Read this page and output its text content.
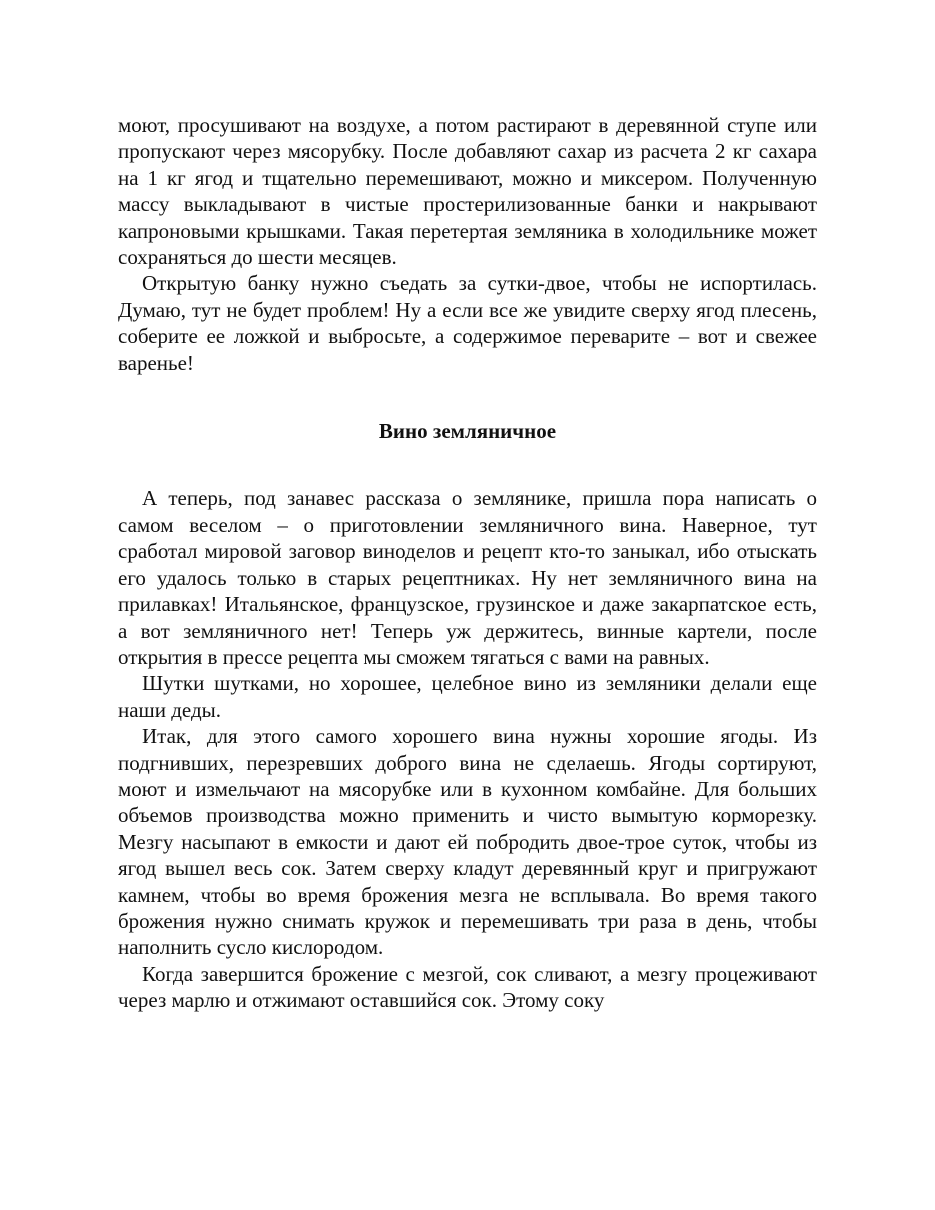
моют, просушивают на воздухе, а потом растирают в деревянной ступе или пропускают через мясорубку. После добавляют сахар из расчета 2 кг сахара на 1 кг ягод и тщательно перемешивают, можно и миксером. Полученную массу выкладывают в чистые простерилизованные банки и накрывают капроновыми крышками. Такая перетертая земляника в холодильнике может сохраняться до шести месяцев.

Открытую банку нужно съедать за сутки-двое, чтобы не испортилась. Думаю, тут не будет проблем! Ну а если все же увидите сверху ягод плесень, соберите ее ложкой и выбросьте, а содержимое переварите – вот и свежее варенье!

Вино земляничное

А теперь, под занавес рассказа о землянике, пришла пора написать о самом веселом – о приготовлении земляничного вина. Наверное, тут сработал мировой заговор виноделов и рецепт кто-то заныкал, ибо отыскать его удалось только в старых рецептниках. Ну нет земляничного вина на прилавках! Итальянское, французское, грузинское и даже закарпатское есть, а вот земляничного нет! Теперь уж держитесь, винные картели, после открытия в прессе рецепта мы сможем тягаться с вами на равных.

Шутки шутками, но хорошее, целебное вино из земляники делали еще наши деды.

Итак, для этого самого хорошего вина нужны хорошие ягоды. Из подгнивших, перезревших доброго вина не сделаешь. Ягоды сортируют, моют и измельчают на мясорубке или в кухонном комбайне. Для больших объемов производства можно применить и чисто вымытую корморезку. Мезгу насыпают в емкости и дают ей побродить двое-трое суток, чтобы из ягод вышел весь сок. Затем сверху кладут деревянный круг и пригружают камнем, чтобы во время брожения мезга не всплывала. Во время такого брожения нужно снимать кружок и перемешивать три раза в день, чтобы наполнить сусло кислородом.

Когда завершится брожение с мезгой, сок сливают, а мезгу процеживают через марлю и отжимают оставшийся сок. Этому соку
